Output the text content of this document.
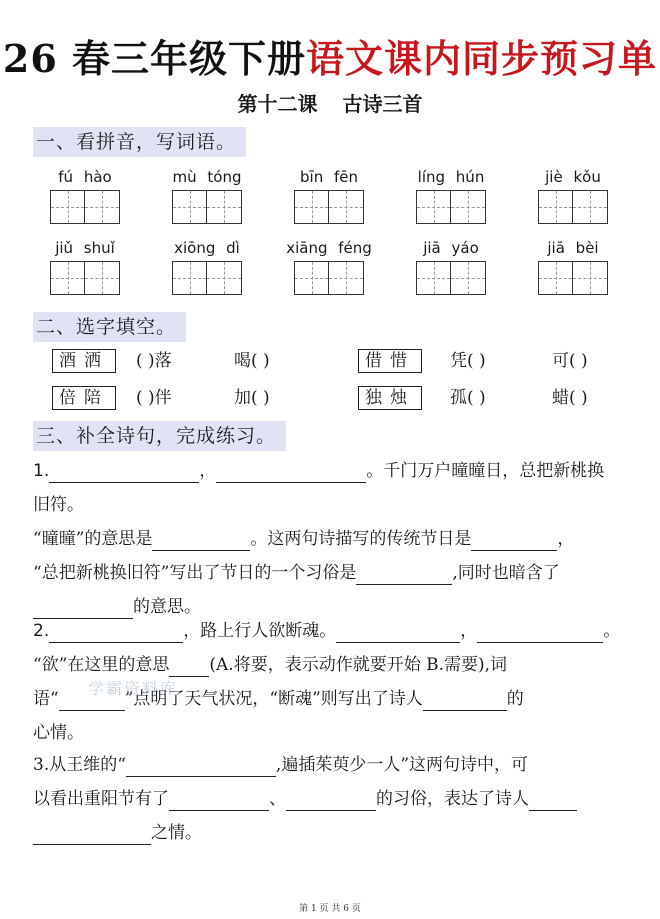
26 春三年级下册语文课内同步预习单
第十二课 古诗三首
一、看拼音，写词语。
fú hào	mù tóng	bīn fēn	líng hún	jiè kǒu
jiǔ shuǐ	xiōng dì	xiāng féng	jiā yáo	jiā bèi
二、选字填空。
酒洒	( )落	喝( )	借惜	凭( )	可( )
倍陪	( )伴	加( )	独烛	孤( )	蜡( )
三、补全诗句，完成练习。
1.	，	。千门万户曈曈日，总把新桃换
旧符。
“曈曈”的意思是	。这两句诗描写的传统节日是	，
“总把新桃换旧符”写出了节日的一个习俗是	,同时也暗含了
的意思。
2.	，路上行人欲断魂。	，	。
“欲”在这里的意思 (A.将要，表示动作就要开始 B.需要),词
语“	”点明了天气状况，“断魂”则写出了诗人	的
心情。
3.从王维的“	,遍插茱萸少一人”这两句诗中，可
以看出重阳节有了	、	的习俗，表达了诗人
之情。
学霸资料库
第 1 页 共 6 页
